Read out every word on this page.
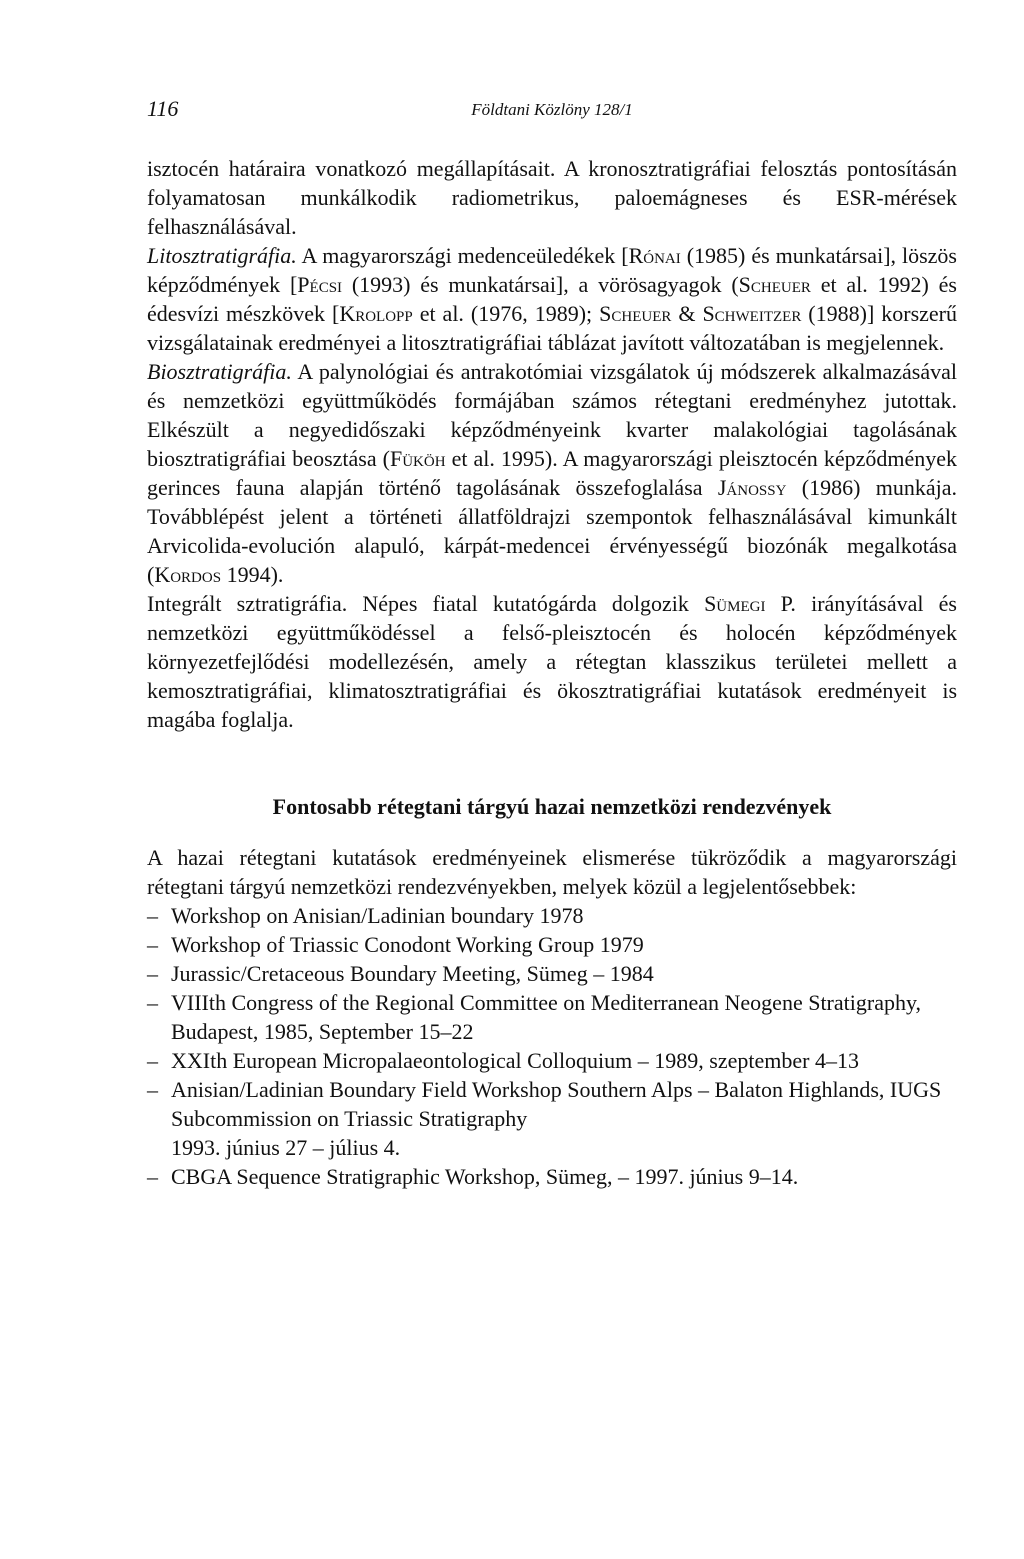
116	Földtani Közlöny 128/1

isztocén határaira vonatkozó megállapításait. A kronosztratigráfiai felosztás pontosításán folyamatosan munkálkodik radiometrikus, paloemágneses és ESR-mérések felhasználásával.

Litosztratigráfia. A magyarországi medenceüledékek [Rónai (1985) és munkatársai], löszös képződmények [Pécsi (1993) és munkatársai], a vörösagyagok (Scheuer et al. 1992) és édesvízi mészkövek [Krolopp et al. (1976, 1989); Scheuer & Schweitzer (1988)] korszerű vizsgálatainak eredményei a litosztratigráfiai táblázat javított változatában is megjelennek.

Biosztratigráfia. A palynológiai és antrakotómiai vizsgálatok új módszerek alkalmazásával és nemzetközi együttműködés formájában számos rétegtani eredményhez jutottak. Elkészült a negyedidőszaki képződményeink kvarter malakológiai tagolásának biosztratigráfiai beosztása (Füköh et al. 1995). A magyarországi pleisztocén képződmények gerinces fauna alapján történő tagolásának összefoglalása Jánossy (1986) munkája. Továbblépést jelent a történeti állatföldrajzi szempontok felhasználásával kimunkált Arvicolida-evolución alapuló, kárpát-medencei érvényességű biozónák megalkotása (Kordos 1994).

Integrált sztratigráfia. Népes fiatal kutatógárda dolgozik Sümegi P. irányításával és nemzetközi együttműködéssel a felső-pleisztocén és holocén képződmények környezetfejlődési modellezésén, amely a rétegtan klasszikus területei mellett a kemosztratigráfiai, klimatosztratigráfiai és ökosztratigráfiai kutatások eredményeit is magába foglalja.

Fontosabb rétegtani tárgyú hazai nemzetközi rendezvények

A hazai rétegtani kutatások eredményeinek elismerése tükröződik a magyarországi rétegtani tárgyú nemzetközi rendezvényekben, melyek közül a legjelentősebbek:

– Workshop on Anisian/Ladinian boundary 1978
– Workshop of Triassic Conodont Working Group 1979
– Jurassic/Cretaceous Boundary Meeting, Sümeg – 1984
– VIIIth Congress of the Regional Committee on Mediterranean Neogene Stratigraphy, Budapest, 1985, September 15–22
– XXIth European Micropalaeontological Colloquium – 1989, szeptember 4–13
– Anisian/Ladinian Boundary Field Workshop Southern Alps – Balaton Highlands, IUGS Subcommission on Triassic Stratigraphy
1993. június 27 – július 4.
– CBGA Sequence Stratigraphic Workshop, Sümeg, – 1997. június 9–14.
